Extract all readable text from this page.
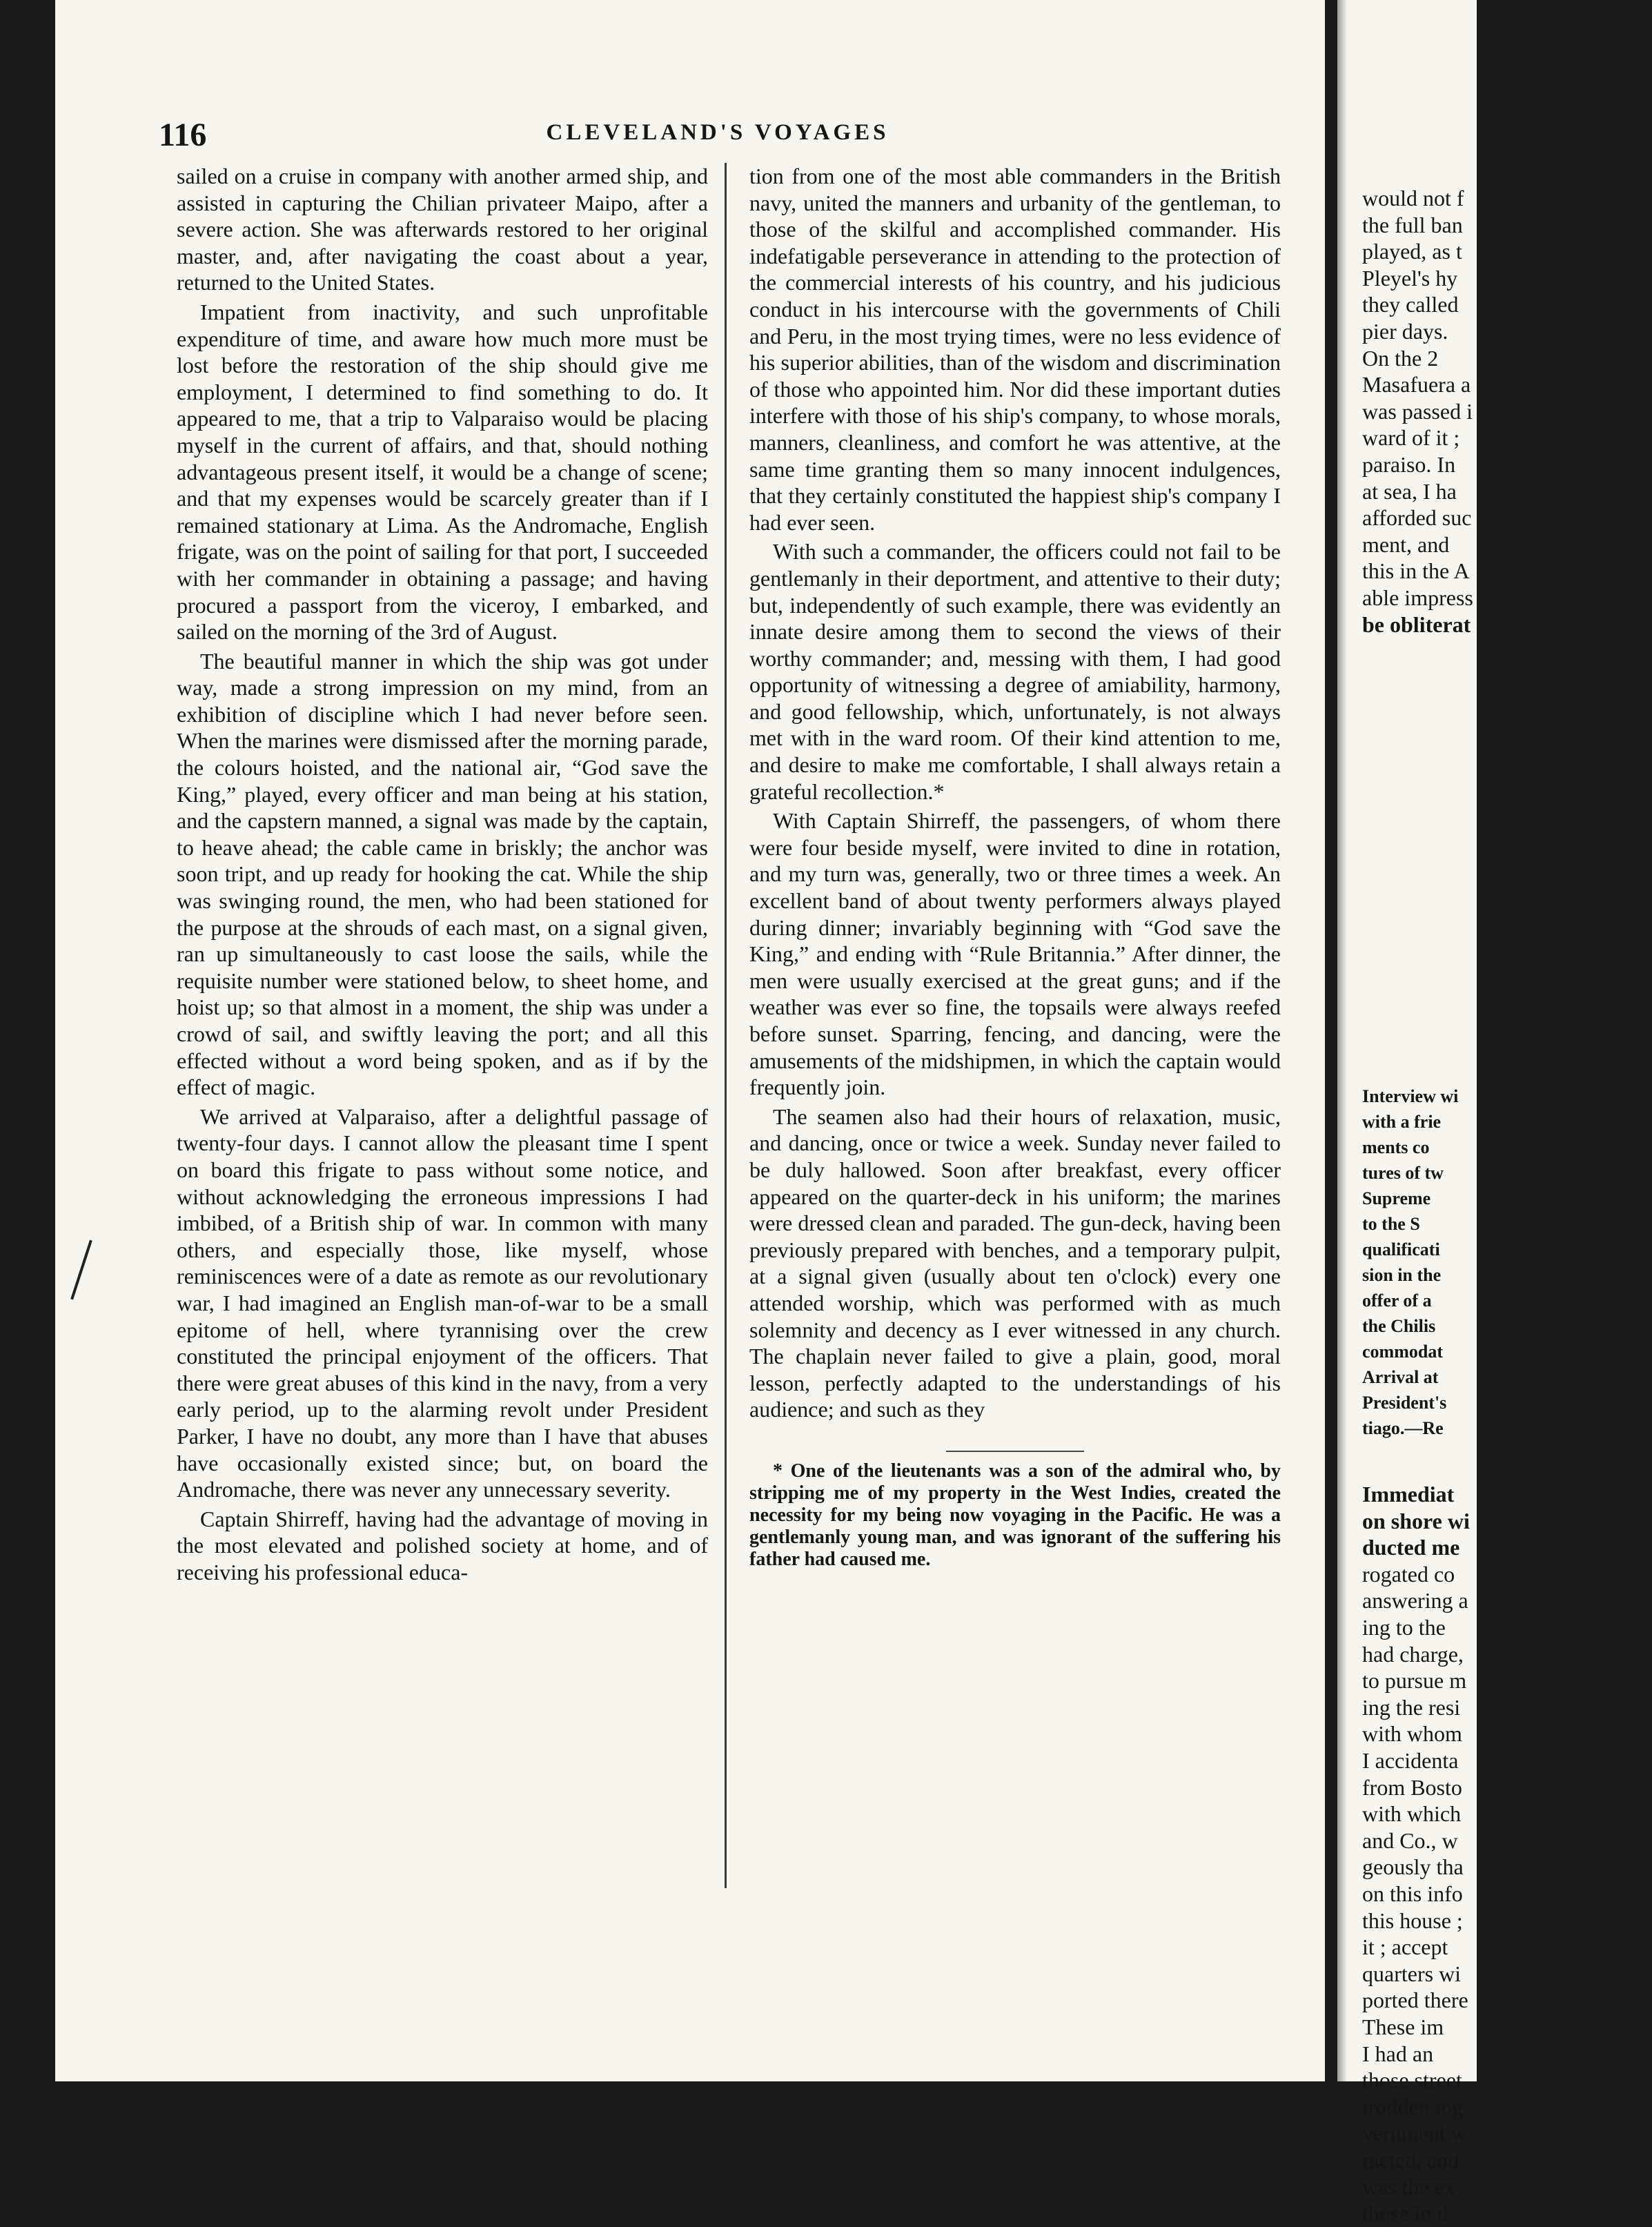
116	CLEVELAND'S VOYAGES

sailed on a cruise in company with another armed ship, and assisted in capturing the Chilian privateer Maipo, after a severe action. She was afterwards restored to her original master, and, after navigating the coast about a year, returned to the United States.

Impatient from inactivity, and such unprofitable expenditure of time, and aware how much more must be lost before the restoration of the ship should give me employment, I determined to find something to do. It appeared to me, that a trip to Valparaiso would be placing myself in the current of affairs, and that, should nothing advantageous present itself, it would be a change of scene; and that my expenses would be scarcely greater than if I remained stationary at Lima. As the Andromache, English frigate, was on the point of sailing for that port, I succeeded with her commander in obtaining a passage; and having procured a passport from the viceroy, I embarked, and sailed on the morning of the 3rd of August.

The beautiful manner in which the ship was got under way, made a strong impression on my mind, from an exhibition of discipline which I had never before seen. When the marines were dismissed after the morning parade, the colours hoisted, and the national air, “God save the King,” played, every officer and man being at his station, and the capstern manned, a signal was made by the captain, to heave ahead; the cable came in briskly; the anchor was soon tript, and up ready for hooking the cat. While the ship was swinging round, the men, who had been stationed for the purpose at the shrouds of each mast, on a signal given, ran up simultaneously to cast loose the sails, while the requisite number were stationed below, to sheet home, and hoist up; so that almost in a moment, the ship was under a crowd of sail, and swiftly leaving the port; and all this effected without a word being spoken, and as if by the effect of magic.

We arrived at Valparaiso, after a delightful passage of twenty-four days. I cannot allow the pleasant time I spent on board this frigate to pass without some notice, and without acknowledging the erroneous impressions I had imbibed, of a British ship of war. In common with many others, and especially those, like myself, whose reminiscences were of a date as remote as our revolutionary war, I had imagined an English man-of-war to be a small epitome of hell, where tyrannising over the crew constituted the principal enjoyment of the officers. That there were great abuses of this kind in the navy, from a very early period, up to the alarming revolt under President Parker, I have no doubt, any more than I have that abuses have occasionally existed since; but, on board the Andromache, there was never any unnecessary severity.

Captain Shirreff, having had the advantage of moving in the most elevated and polished society at home, and of receiving his professional educa-

tion from one of the most able commanders in the British navy, united the manners and urbanity of the gentleman, to those of the skilful and accomplished commander. His indefatigable perseverance in attending to the protection of the commercial interests of his country, and his judicious conduct in his intercourse with the governments of Chili and Peru, in the most trying times, were no less evidence of his superior abilities, than of the wisdom and discrimination of those who appointed him. Nor did these important duties interfere with those of his ship's company, to whose morals, manners, cleanliness, and comfort he was attentive, at the same time granting them so many innocent indulgences, that they certainly constituted the happiest ship's company I had ever seen.

With such a commander, the officers could not fail to be gentlemanly in their deportment, and attentive to their duty; but, independently of such example, there was evidently an innate desire among them to second the views of their worthy commander; and, messing with them, I had good opportunity of witnessing a degree of amiability, harmony, and good fellowship, which, unfortunately, is not always met with in the ward room. Of their kind attention to me, and desire to make me comfortable, I shall always retain a grateful recollection.*

With Captain Shirreff, the passengers, of whom there were four beside myself, were invited to dine in rotation, and my turn was, generally, two or three times a week. An excellent band of about twenty performers always played during dinner; invariably beginning with “God save the King,” and ending with “Rule Britannia.” After dinner, the men were usually exercised at the great guns; and if the weather was ever so fine, the topsails were always reefed before sunset. Sparring, fencing, and dancing, were the amusements of the midshipmen, in which the captain would frequently join.

The seamen also had their hours of relaxation, music, and dancing, once or twice a week. Sunday never failed to be duly hallowed. Soon after breakfast, every officer appeared on the quarter-deck in his uniform; the marines were dressed clean and paraded. The gun-deck, having been previously prepared with benches, and a temporary pulpit, at a signal given (usually about ten o'clock) every one attended worship, which was performed with as much solemnity and decency as I ever witnessed in any church. The chaplain never failed to give a plain, good, moral lesson, perfectly adapted to the understandings of his audience; and such as they

* One of the lieutenants was a son of the admiral who, by stripping me of my property in the West Indies, created the necessity for my being now voyaging in the Pacific. He was a gentlemanly young man, and was ignorant of the suffering his father had caused me.

would not f
the full ban
played, as t
Pleyel's hy
they called
pier days.
On the 2
Masafuera a
was passed i
ward of it ;
paraiso. In
at sea, I ha
afforded suc
ment, and
this in the A
able impress
be obliterat
Interview wi
with a frie
ments co
tures of tw
Supreme
to the S
qualificati
sion in the
offer of a
the Chilis
commodat
Arrival at
President's
tiago.—Re
Immediat
on shore wi
ducted me
rogated co
answering a
ing to the
had charge,
to pursue m
ing the resi
with whom
I accidenta
from Bosto
with which
and Co., w
geously tha
on this info
this house ;
it ; accept
quarters wi
ported there
These im
I had an
those street
trodden tog
vernment w
racted, and
was the ex
those in d
